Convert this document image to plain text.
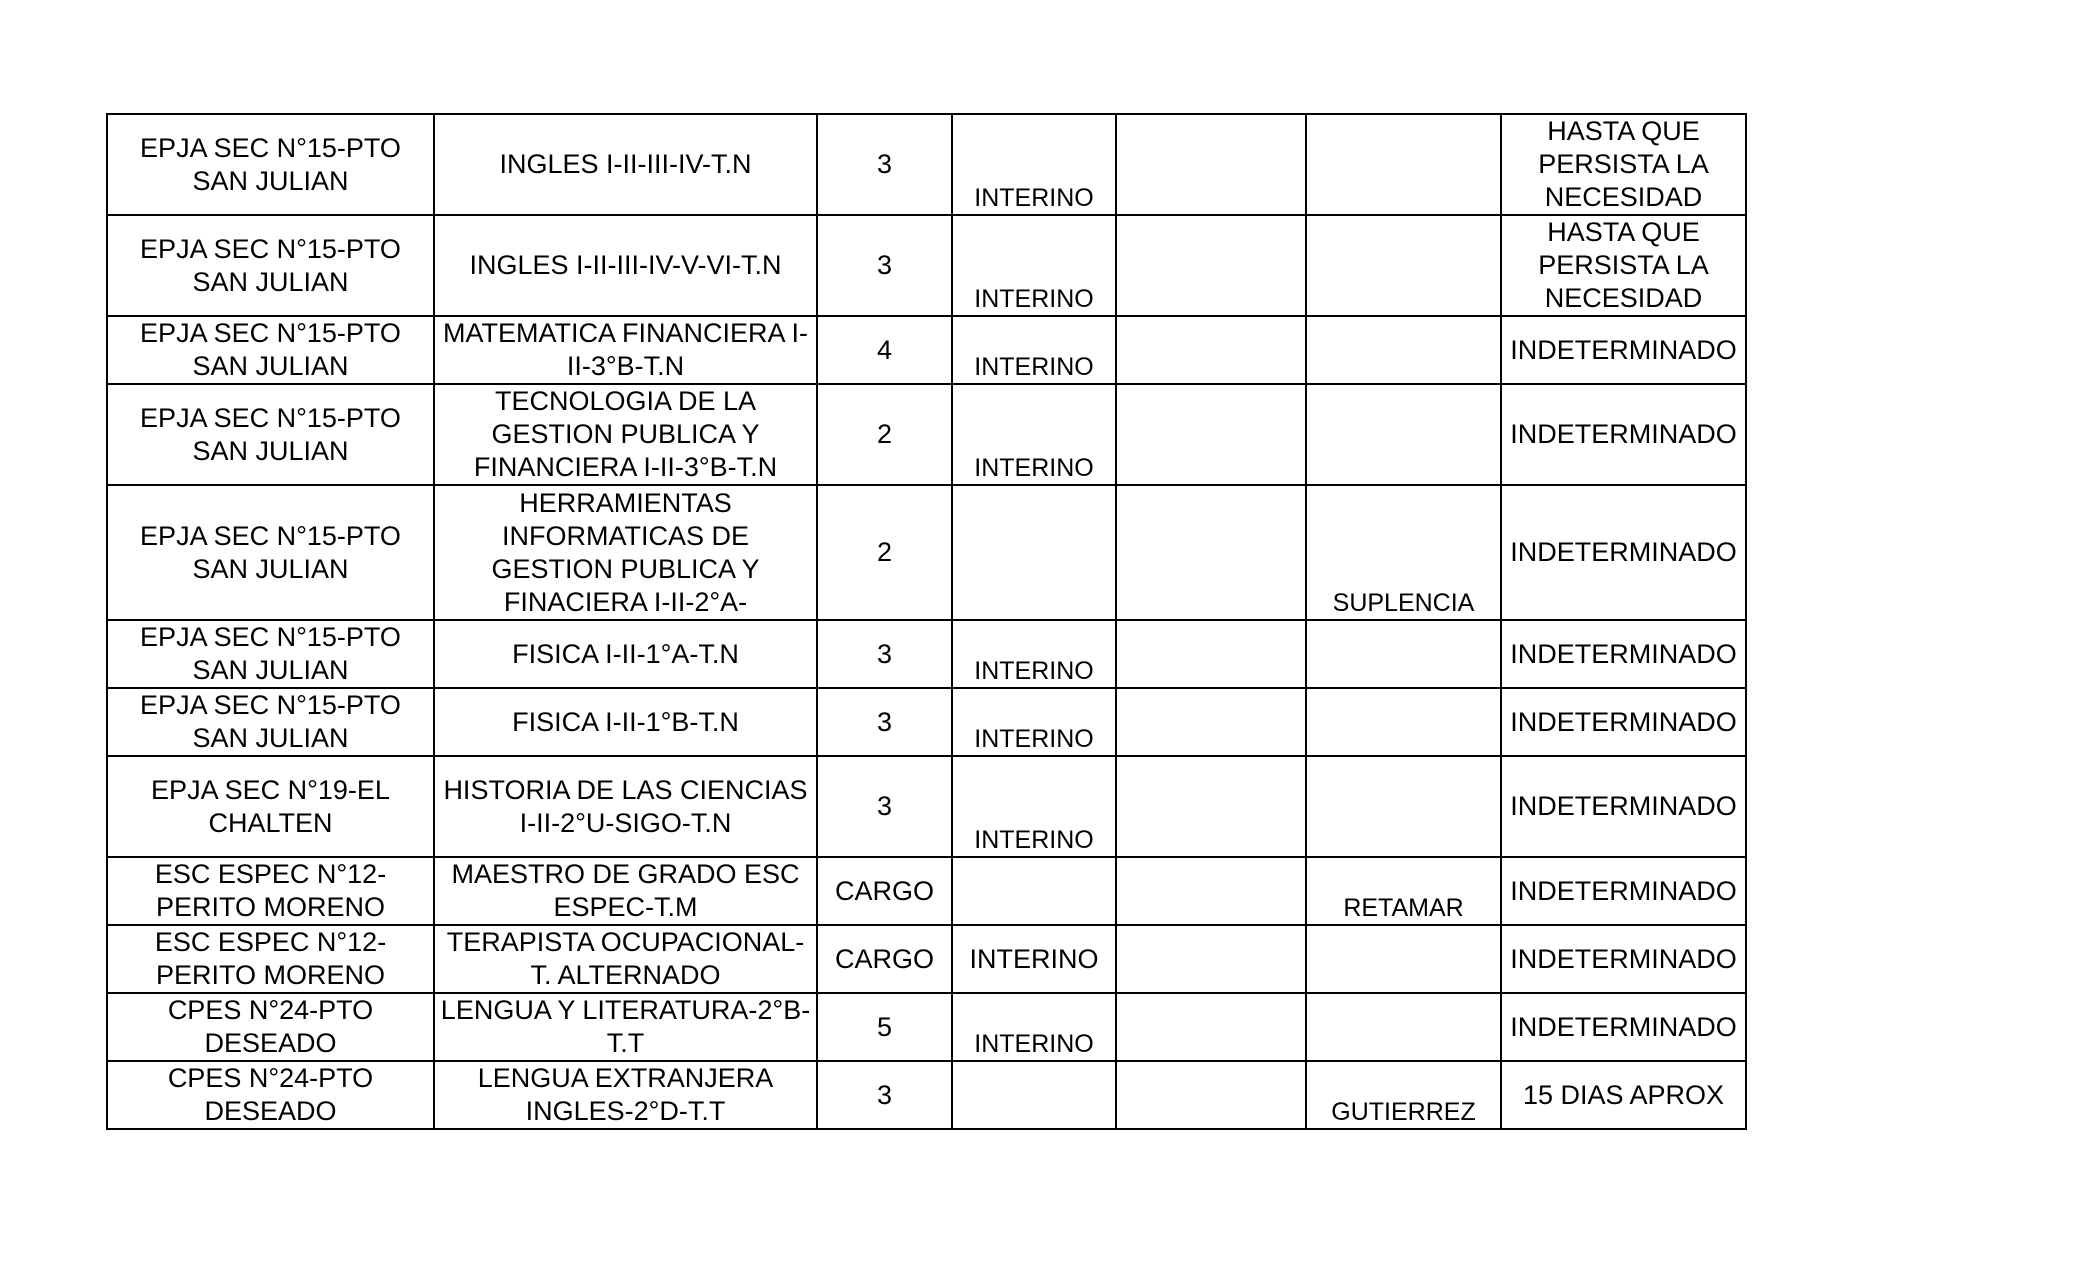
EPJA SEC N°15-PTO
SAN JULIAN	INGLES I-II-III-IV-T.N	3	INTERINO			HASTA QUE
PERSISTA LA
NECESIDAD

EPJA SEC N°15-PTO
SAN JULIAN	INGLES I-II-III-IV-V-VI-T.N	3	INTERINO			HASTA QUE
PERSISTA LA
NECESIDAD

EPJA SEC N°15-PTO
SAN JULIAN	MATEMATICA FINANCIERA I-
II-3°B-T.N	4	INTERINO			INDETERMINADO

EPJA SEC N°15-PTO
SAN JULIAN	TECNOLOGIA DE LA
GESTION PUBLICA Y
FINANCIERA I-II-3°B-T.N	2	INTERINO			INDETERMINADO

EPJA SEC N°15-PTO
SAN JULIAN	HERRAMIENTAS
INFORMATICAS DE
GESTION PUBLICA Y
FINACIERA I-II-2°A-	2			SUPLENCIA	INDETERMINADO

EPJA SEC N°15-PTO
SAN JULIAN	FISICA I-II-1°A-T.N	3	INTERINO			INDETERMINADO

EPJA SEC N°15-PTO
SAN JULIAN	FISICA I-II-1°B-T.N	3	INTERINO			INDETERMINADO

EPJA SEC N°19-EL
CHALTEN	HISTORIA DE LAS CIENCIAS
I-II-2°U-SIGO-T.N	3	INTERINO			INDETERMINADO

ESC ESPEC N°12-
PERITO MORENO	MAESTRO DE GRADO ESC
ESPEC-T.M	CARGO			RETAMAR	INDETERMINADO

ESC ESPEC N°12-
PERITO MORENO	TERAPISTA OCUPACIONAL-
T. ALTERNADO	CARGO	INTERINO			INDETERMINADO

CPES N°24-PTO
DESEADO	LENGUA Y LITERATURA-2°B-
T.T	5	INTERINO			INDETERMINADO

CPES N°24-PTO
DESEADO	LENGUA EXTRANJERA
INGLES-2°D-T.T	3			GUTIERREZ	15 DIAS APROX
